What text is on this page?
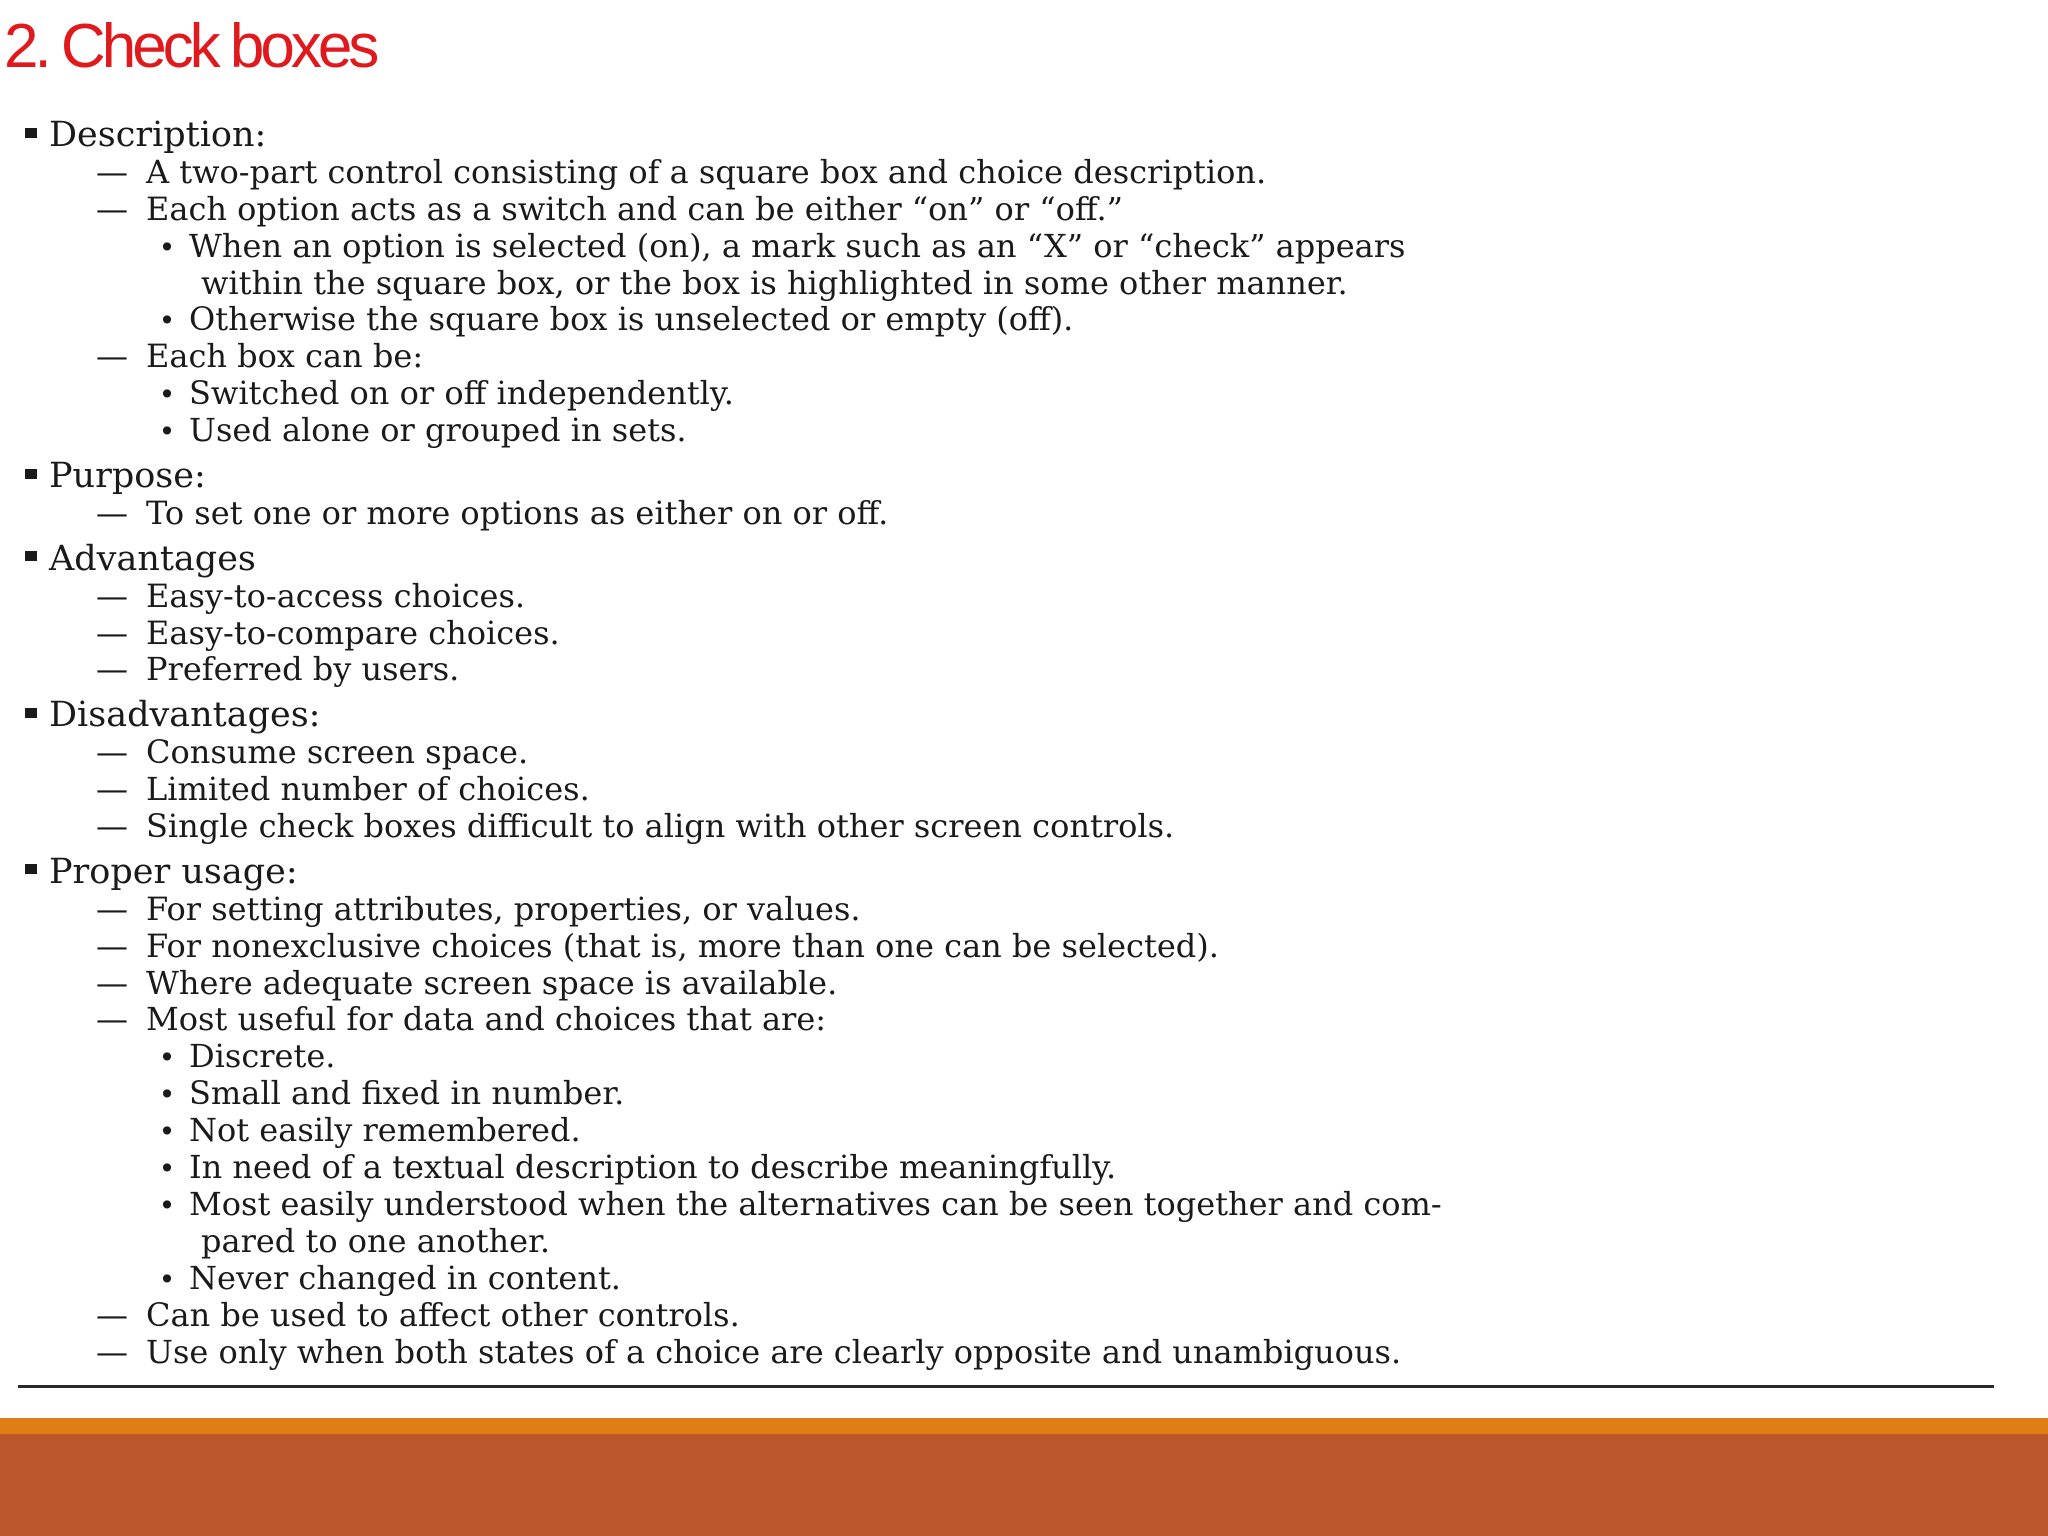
2. Check boxes
Description:
— A two-part control consisting of a square box and choice description.
— Each option acts as a switch and can be either “on” or “off.”
• When an option is selected (on), a mark such as an “X” or “check” appears
within the square box, or the box is highlighted in some other manner.
• Otherwise the square box is unselected or empty (off).
— Each box can be:
• Switched on or off independently.
• Used alone or grouped in sets.
Purpose:
— To set one or more options as either on or off.
Advantages
— Easy-to-access choices.
— Easy-to-compare choices.
— Preferred by users.
Disadvantages:
— Consume screen space.
— Limited number of choices.
— Single check boxes difficult to align with other screen controls.
Proper usage:
— For setting attributes, properties, or values.
— For nonexclusive choices (that is, more than one can be selected).
— Where adequate screen space is available.
— Most useful for data and choices that are:
• Discrete.
• Small and fixed in number.
• Not easily remembered.
• In need of a textual description to describe meaningfully.
• Most easily understood when the alternatives can be seen together and com-
pared to one another.
• Never changed in content.
— Can be used to affect other controls.
— Use only when both states of a choice are clearly opposite and unambiguous.
